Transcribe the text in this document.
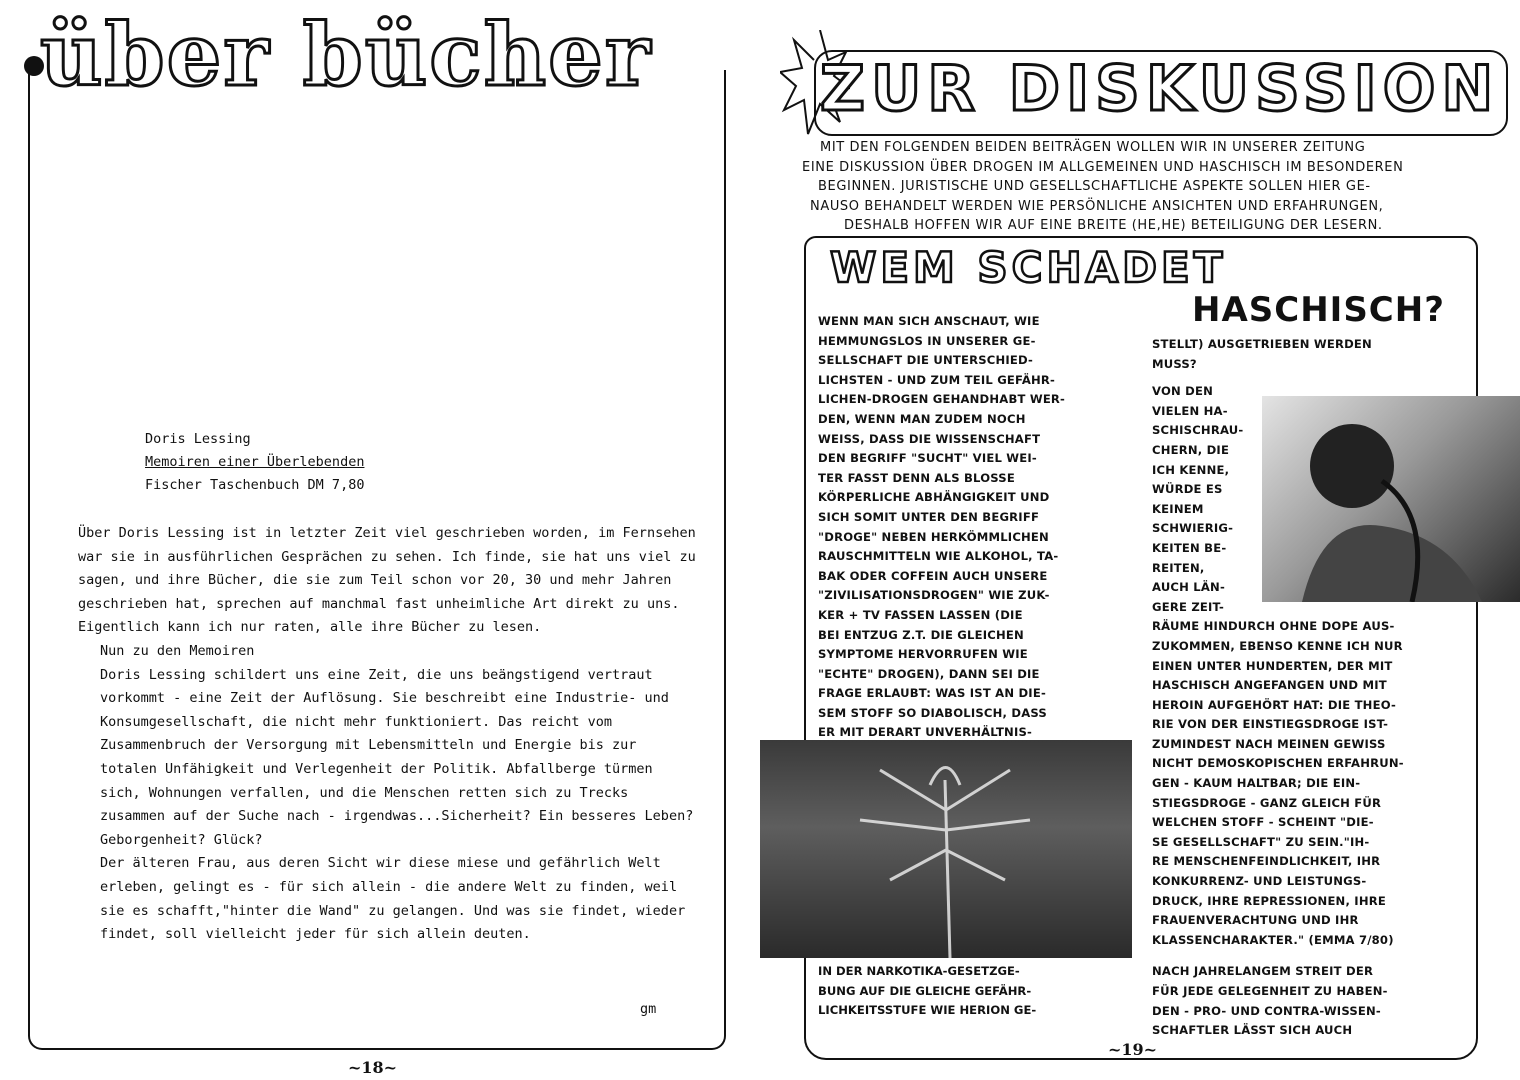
über bücher
Doris Lessing
Memoiren einer Überlebenden
Fischer Taschenbuch DM 7,80

Über Doris Lessing ist in letzter Zeit viel geschrieben worden, im Fernsehen war sie in ausführlichen Gesprächen zu sehen. Ich finde, sie hat uns viel zu sagen, und ihre Bücher, die sie zum Teil schon vor 20, 30 und mehr Jahren geschrieben hat, sprechen auf manchmal fast unheimliche Art direkt zu uns. Eigentlich kann ich nur raten, alle ihre Bücher zu lesen.

Nun zu den Memoiren

Doris Lessing schildert uns eine Zeit, die uns beängstigend vertraut vorkommt - eine Zeit der Auflösung. Sie beschreibt eine Industrie- und Konsumgesellschaft, die nicht mehr funktioniert. Das reicht vom Zusammenbruch der Versorgung mit Lebensmitteln und Energie bis zur totalen Unfähigkeit und Verlegenheit der Politik. Abfallberge türmen sich, Wohnungen verfallen, und die Menschen retten sich zu Trecks zusammen auf der Suche nach - irgendwas...Sicherheit? Ein besseres Leben? Geborgenheit? Glück?

Der älteren Frau, aus deren Sicht wir diese miese und gefährlich Welt erleben, gelingt es - für sich allein - die andere Welt zu finden, weil sie es schafft,"hinter die Wand" zu gelangen. Und was sie findet, wieder findet, soll vielleicht jeder für sich allein deuten.

gm
~18~
ZUR DISKUSSION

MIT DEN FOLGENDEN BEIDEN BEITRÄGEN WOLLEN WIR IN UNSERER ZEITUNG

EINE DISKUSSION ÜBER DROGEN IM ALLGEMEINEN UND HASCHISCH IM BESONDEREN

BEGINNEN. JURISTISCHE UND GESELLSCHAFTLICHE ASPEKTE SOLLEN HIER GE-

NAUSO BEHANDELT WERDEN WIE PERSÖNLICHE ANSICHTEN UND ERFAHRUNGEN,

DESHALB HOFFEN WIR AUF EINE BREITE (HE,HE) BETEILIGUNG DER LESERN.

WEM SCHADET
HASCHISCH?

WENN MAN SICH ANSCHAUT, WIE

HEMMUNGSLOS IN UNSERER GE-

SELLSCHAFT DIE UNTERSCHIED-

LICHSTEN - UND ZUM TEIL GEFÄHR-

LICHEN-DROGEN GEHANDHABT WER-

DEN, WENN MAN ZUDEM NOCH

WEISS, DASS DIE WISSENSCHAFT

DEN BEGRIFF "SUCHT" VIEL WEI-

TER FASST DENN ALS BLOSSE

KÖRPERLICHE ABHÄNGIGKEIT UND

SICH SOMIT UNTER DEN BEGRIFF

"DROGE" NEBEN HERKÖMMLICHEN

RAUSCHMITTELN WIE ALKOHOL, TA-

BAK ODER COFFEIN AUCH UNSERE

"ZIVILISATIONSDROGEN" WIE ZUK-

KER + TV FASSEN LASSEN (DIE

BEI ENTZUG Z.T. DIE GLEICHEN

SYMPTOME HERVORRUFEN WIE

"ECHTE" DROGEN), DANN SEI DIE

FRAGE ERLAUBT: WAS IST AN DIE-

SEM STOFF SO DIABOLISCH, DASS

ER MIT DERART UNVERHÄLTNIS-

IN DER NARKOTIKA-GESETZGE-

BUNG AUF DIE GLEICHE GEFÄHR-

LICHKEITSSTUFE WIE HERION GE-

STELLT) AUSGETRIEBEN WERDEN

MUSS?

VON DEN

VIELEN HA-

SCHISCHRAU-

CHERN, DIE

ICH KENNE,

WÜRDE ES

KEINEM

SCHWIERIG-

KEITEN BE-

REITEN,

AUCH LÄN-

GERE ZEIT-

RÄUME HINDURCH OHNE DOPE AUS-

ZUKOMMEN, EBENSO KENNE ICH NUR

EINEN UNTER HUNDERTEN, DER MIT

HASCHISCH ANGEFANGEN UND MIT

HEROIN AUFGEHÖRT HAT: DIE THEO-

RIE VON DER EINSTIEGSDROGE IST-

ZUMINDEST NACH MEINEN GEWISS

NICHT DEMOSKOPISCHEN ERFAHRUN-

GEN - KAUM HALTBAR; DIE EIN-

STIEGSDROGE - GANZ GLEICH FÜR

WELCHEN STOFF - SCHEINT "DIE-

SE GESELLSCHAFT" ZU SEIN."IH-

RE MENSCHENFEINDLICHKEIT, IHR

KONKURRENZ- UND LEISTUNGS-

DRUCK, IHRE REPRESSIONEN, IHRE

FRAUENVERACHTUNG UND IHR

KLASSENCHARAKTER." (EMMA 7/80)

NACH JAHRELANGEM STREIT DER

FÜR JEDE GELEGENHEIT ZU HABEN-

DEN - PRO- UND CONTRA-WISSEN-

SCHAFTLER LÄSST SICH AUCH

~19~
